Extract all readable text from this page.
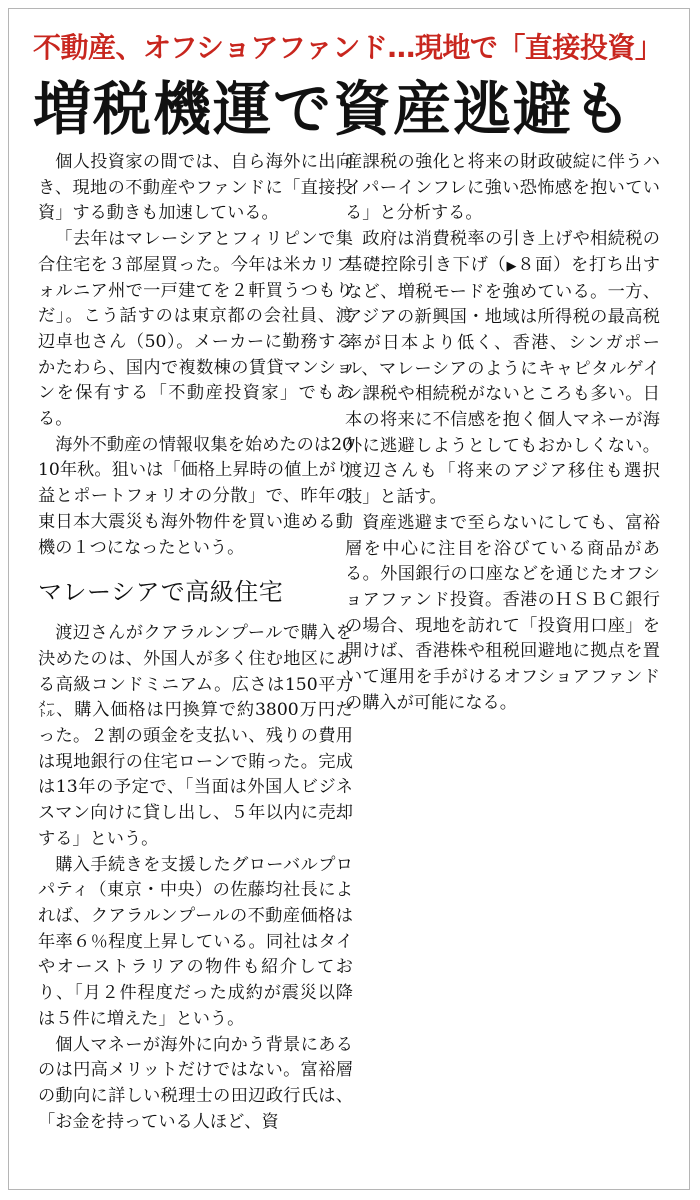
不動産、オフショアファンド…現地で「直接投資」
増税機運で資産逃避も

個人投資家の間では、自ら海外に出向き、現地の不動産やファンドに「直接投資」する動きも加速している。

「去年はマレーシアとフィリピンで集合住宅を３部屋買った。今年は米カリフォルニア州で一戸建てを２軒買うつもりだ」。こう話すのは東京都の会社員、渡辺卓也さん（50）。メーカーに勤務するかたわら、国内で複数棟の賃貸マンションを保有する「不動産投資家」でもある。

海外不動産の情報収集を始めたのは2010年秋。狙いは「価格上昇時の値上がり益とポートフォリオの分散」で、昨年の東日本大震災も海外物件を買い進める動機の１つになったという。

マレーシアで高級住宅

渡辺さんがクアラルンプールで購入を決めたのは、外国人が多く住む地区にある高級コンドミニアム。広さは150平方㍍、購入価格は円換算で約3800万円だった。２割の頭金を支払い、残りの費用は現地銀行の住宅ローンで賄った。完成は13年の予定で、「当面は外国人ビジネスマン向けに貸し出し、５年以内に売却する」という。

購入手続きを支援したグローバルプロパティ（東京・中央）の佐藤均社長によれば、クアラルンプールの不動産価格は年率６％程度上昇している。同社はタイやオーストラリアの物件も紹介しており、「月２件程度だった成約が震災以降は５件に増えた」という。

個人マネーが海外に向かう背景にあるのは円高メリットだけではない。富裕層の動向に詳しい税理士の田辺政行氏は、「お金を持っている人ほど、資

産課税の強化と将来の財政破綻に伴うハイパーインフレに強い恐怖感を抱いている」と分析する。

政府は消費税率の引き上げや相続税の基礎控除引き下げ（▶８面）を打ち出すなど、増税モードを強めている。一方、アジアの新興国・地域は所得税の最高税率が日本より低く、香港、シンガポール、マレーシアのようにキャピタルゲイン課税や相続税がないところも多い。日本の将来に不信感を抱く個人マネーが海外に逃避しようとしてもおかしくない。渡辺さんも「将来のアジア移住も選択肢」と話す。

資産逃避まで至らないにしても、富裕層を中心に注目を浴びている商品がある。外国銀行の口座などを通じたオフショアファンド投資。香港のＨＳＢＣ銀行の場合、現地を訪れて「投資用口座」を開けば、香港株や租税回避地に拠点を置いて運用を手がけるオフショアファンドの購入が可能になる。
